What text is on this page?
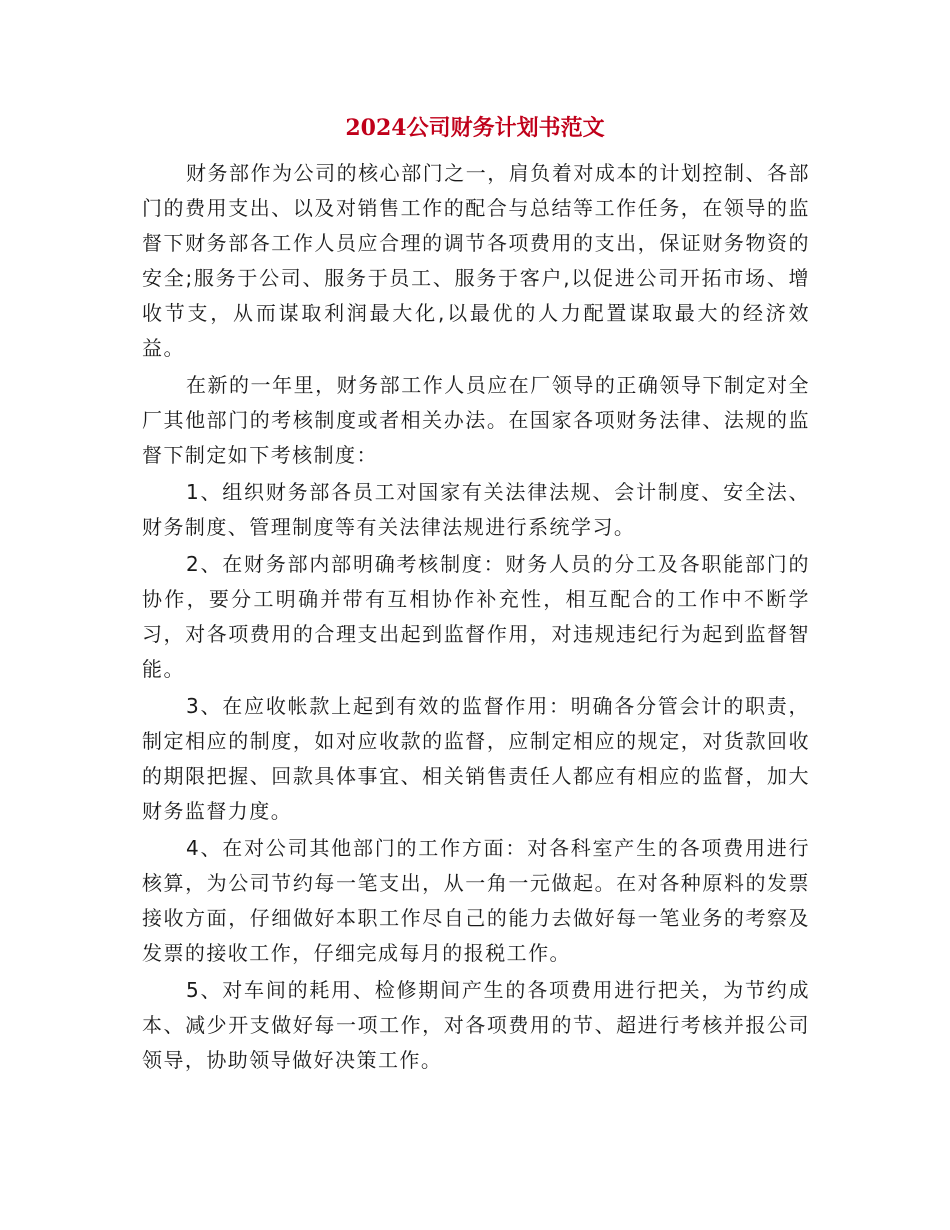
2024公司财务计划书范文

财务部作为公司的核心部门之一，肩负着对成本的计划控制、各部门的费用支出、以及对销售工作的配合与总结等工作任务，在领导的监督下财务部各工作人员应合理的调节各项费用的支出，保证财务物资的安全;服务于公司、服务于员工、服务于客户,以促进公司开拓市场、增收节支，从而谋取利润最大化,以最优的人力配置谋取最大的经济效益。

在新的一年里，财务部工作人员应在厂领导的正确领导下制定对全厂其他部门的考核制度或者相关办法。在国家各项财务法律、法规的监督下制定如下考核制度：

1、组织财务部各员工对国家有关法律法规、会计制度、安全法、财务制度、管理制度等有关法律法规进行系统学习。

2、在财务部内部明确考核制度：财务人员的分工及各职能部门的协作，要分工明确并带有互相协作补充性，相互配合的工作中不断学习，对各项费用的合理支出起到监督作用，对违规违纪行为起到监督智能。

3、在应收帐款上起到有效的监督作用：明确各分管会计的职责，制定相应的制度，如对应收款的监督，应制定相应的规定，对货款回收的期限把握、回款具体事宜、相关销售责任人都应有相应的监督，加大财务监督力度。

4、在对公司其他部门的工作方面：对各科室产生的各项费用进行核算，为公司节约每一笔支出，从一角一元做起。在对各种原料的发票接收方面，仔细做好本职工作尽自己的能力去做好每一笔业务的考察及发票的接收工作，仔细完成每月的报税工作。

5、对车间的耗用、检修期间产生的各项费用进行把关，为节约成本、减少开支做好每一项工作，对各项费用的节、超进行考核并报公司领导，协助领导做好决策工作。
